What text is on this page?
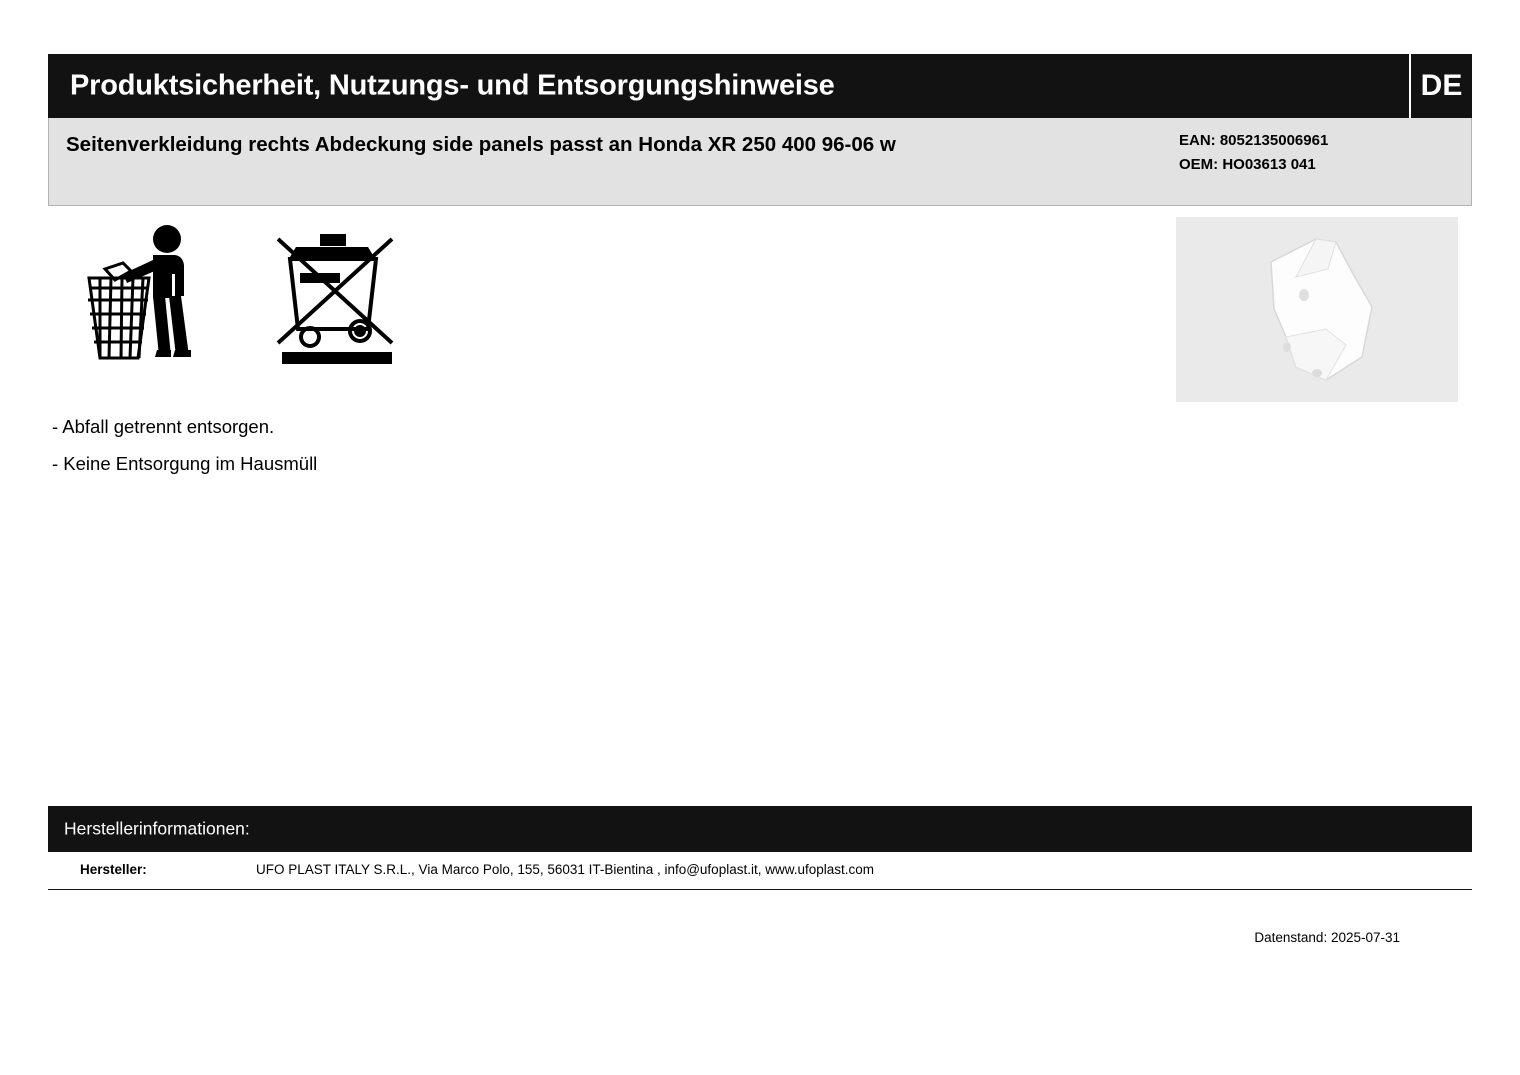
Produktsicherheit, Nutzungs- und Entsorgungshinweise	DE
Seitenverkleidung rechts Abdeckung side panels passt an Honda XR 250 400 96-06 w	EAN: 8052135006961
OEM: HO03613 041
- Abfall getrennt entsorgen.
- Keine Entsorgung im Hausmüll
Herstellerinformationen:
Hersteller:	UFO PLAST ITALY S.R.L., Via Marco Polo, 155, 56031 IT-Bientina , info@ufoplast.it, www.ufoplast.com
Datenstand: 2025-07-31
